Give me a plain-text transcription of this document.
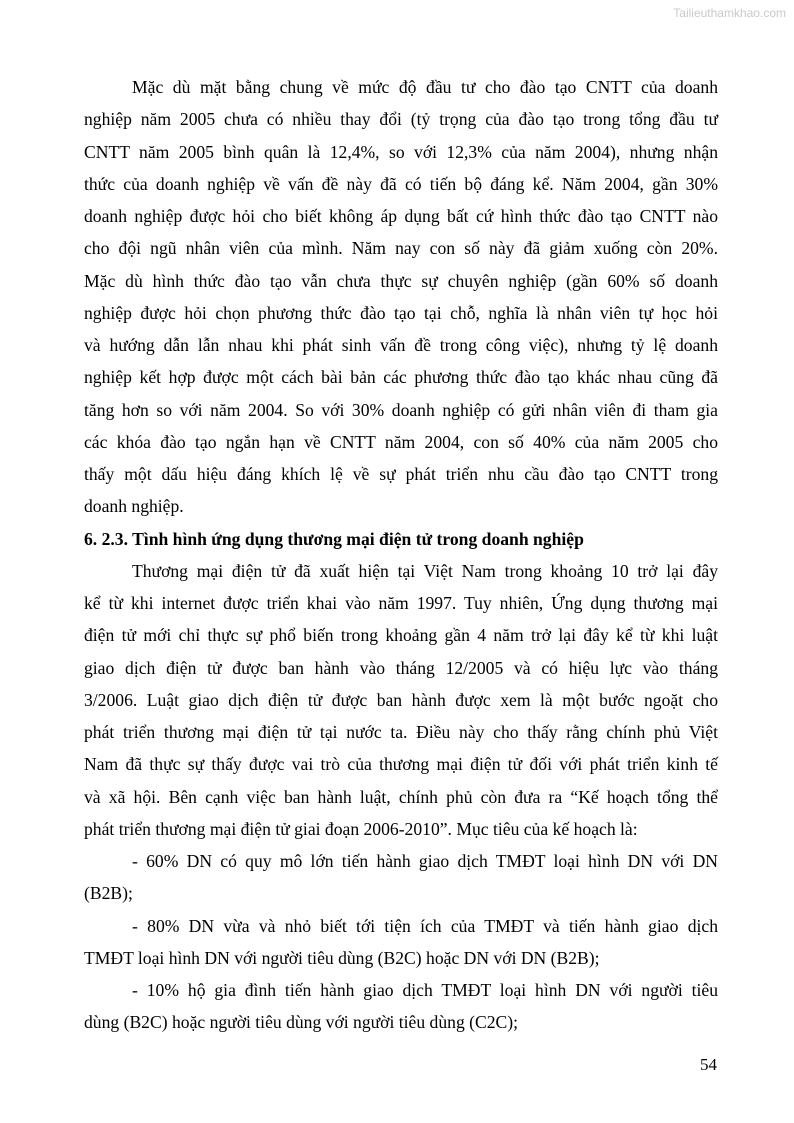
Tailieuthamkhao.com
Mặc dù mặt bằng chung về mức độ đầu tư cho đào tạo CNTT của doanh
nghiệp năm 2005 chưa có nhiều thay đổi (tỷ trọng của đào tạo trong tổng đầu tư
CNTT năm 2005 bình quân là 12,4%, so với 12,3% của năm 2004), nhưng nhận
thức của doanh nghiệp về vấn đề này đã có tiến bộ đáng kể. Năm 2004, gần 30%
doanh nghiệp được hỏi cho biết không áp dụng bất cứ hình thức đào tạo CNTT nào
cho đội ngũ nhân viên của mình. Năm nay con số này đã giảm xuống còn 20%.
Mặc dù hình thức đào tạo vẫn chưa thực sự chuyên nghiệp (gần 60% số doanh
nghiệp được hỏi chọn phương thức đào tạo tại chỗ, nghĩa là nhân viên tự học hỏi
và hướng dẫn lẫn nhau khi phát sinh vấn đề trong công việc), nhưng tỷ lệ doanh
nghiệp kết hợp được một cách bài bản các phương thức đào tạo khác nhau cũng đã
tăng hơn so với năm 2004. So với 30% doanh nghiệp có gửi nhân viên đi tham gia
các khóa đào tạo ngắn hạn về CNTT năm 2004, con số 40% của năm 2005 cho
thấy một dấu hiệu đáng khích lệ về sự phát triển nhu cầu đào tạo CNTT trong
doanh nghiệp.
6. 2.3. Tình hình ứng dụng thương mại điện tử trong doanh nghiệp
Thương mại điện tử đã xuất hiện tại Việt Nam trong khoảng 10 trở lại đây
kể từ khi internet được triển khai vào năm 1997. Tuy nhiên, Ứng dụng thương mại
điện tử mới chỉ thực sự phổ biến trong khoảng gần 4 năm trở lại đây kể từ khi luật
giao dịch điện tử được ban hành vào tháng 12/2005 và có hiệu lực vào tháng
3/2006. Luật giao dịch điện tử được ban hành được xem là một bước ngoặt cho
phát triển thương mại điện tử tại nước ta. Điều này cho thấy rằng chính phủ Việt
Nam đã thực sự thấy được vai trò của thương mại điện tử đối với phát triển kinh tế
và xã hội. Bên cạnh việc ban hành luật, chính phủ còn đưa ra “Kế hoạch tổng thể
phát triển thương mại điện tử giai đoạn 2006-2010”. Mục tiêu của kế hoạch là:
- 60% DN có quy mô lớn tiến hành giao dịch TMĐT loại hình DN với DN
(B2B);
- 80% DN vừa và nhỏ biết tới tiện ích của TMĐT và tiến hành giao dịch
TMĐT loại hình DN với người tiêu dùng (B2C) hoặc DN với DN (B2B);
- 10% hộ gia đình tiến hành giao dịch TMĐT loại hình DN với người tiêu
dùng (B2C) hoặc người tiêu dùng với người tiêu dùng (C2C);
54
